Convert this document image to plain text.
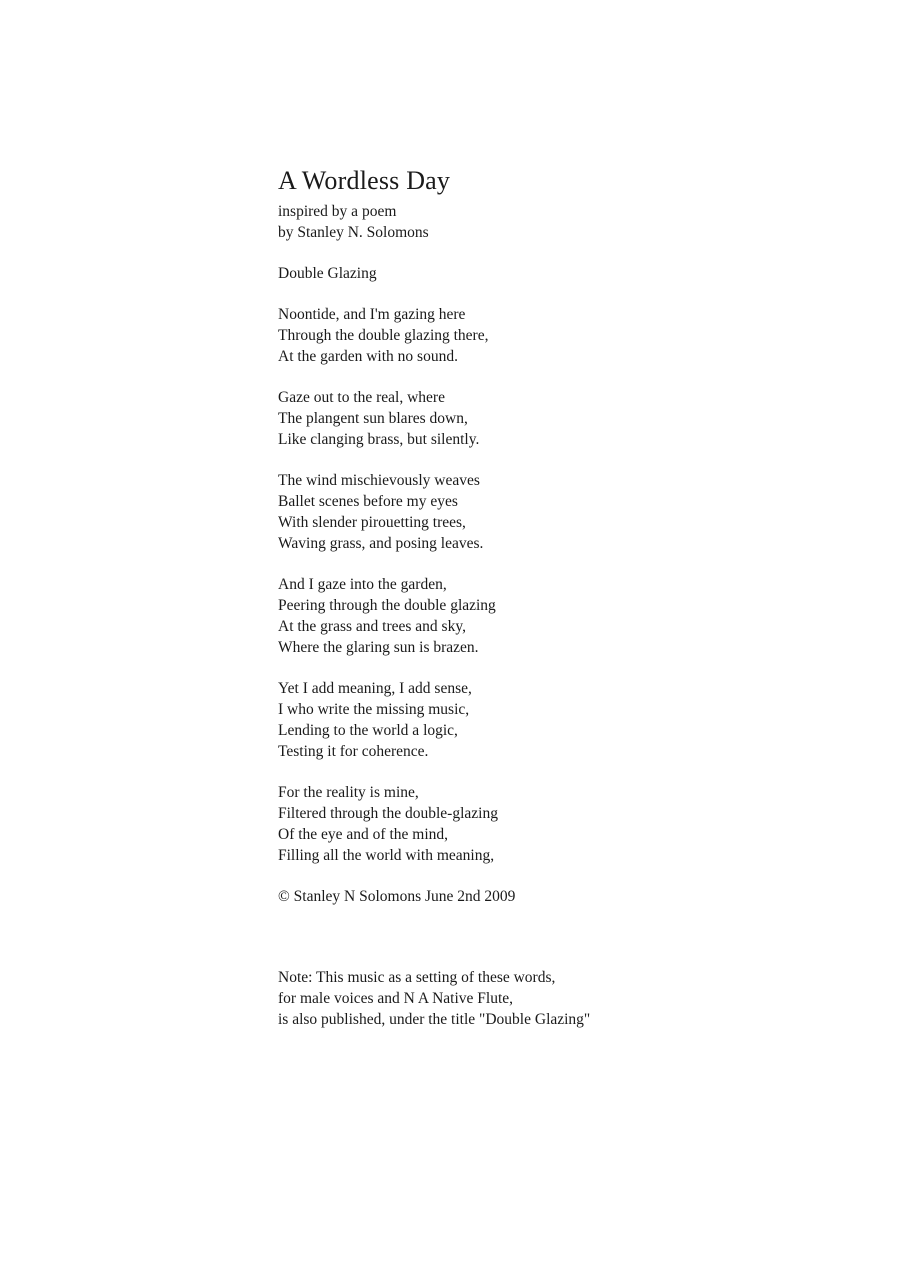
A Wordless Day
inspired by a poem
by Stanley N. Solomons
Double Glazing
Noontide, and I'm gazing here
Through the double glazing there,
At the garden with no sound.
Gaze out to the real, where
The plangent sun blares down,
Like clanging brass, but silently.
The wind mischievously weaves
Ballet scenes before my eyes
With slender pirouetting trees,
Waving grass, and posing leaves.
And I gaze into the garden,
Peering through the double glazing
At the grass and trees and sky,
Where the glaring sun is brazen.
Yet I add meaning, I add sense,
I who write the missing music,
Lending to the world a logic,
Testing it for coherence.
For the reality is mine,
Filtered through the double-glazing
Of the eye and of the mind,
Filling all the world with meaning,
© Stanley N Solomons June 2nd 2009
Note: This music as a setting of these words,
for male voices and N A Native Flute,
is also published, under the title "Double Glazing"
